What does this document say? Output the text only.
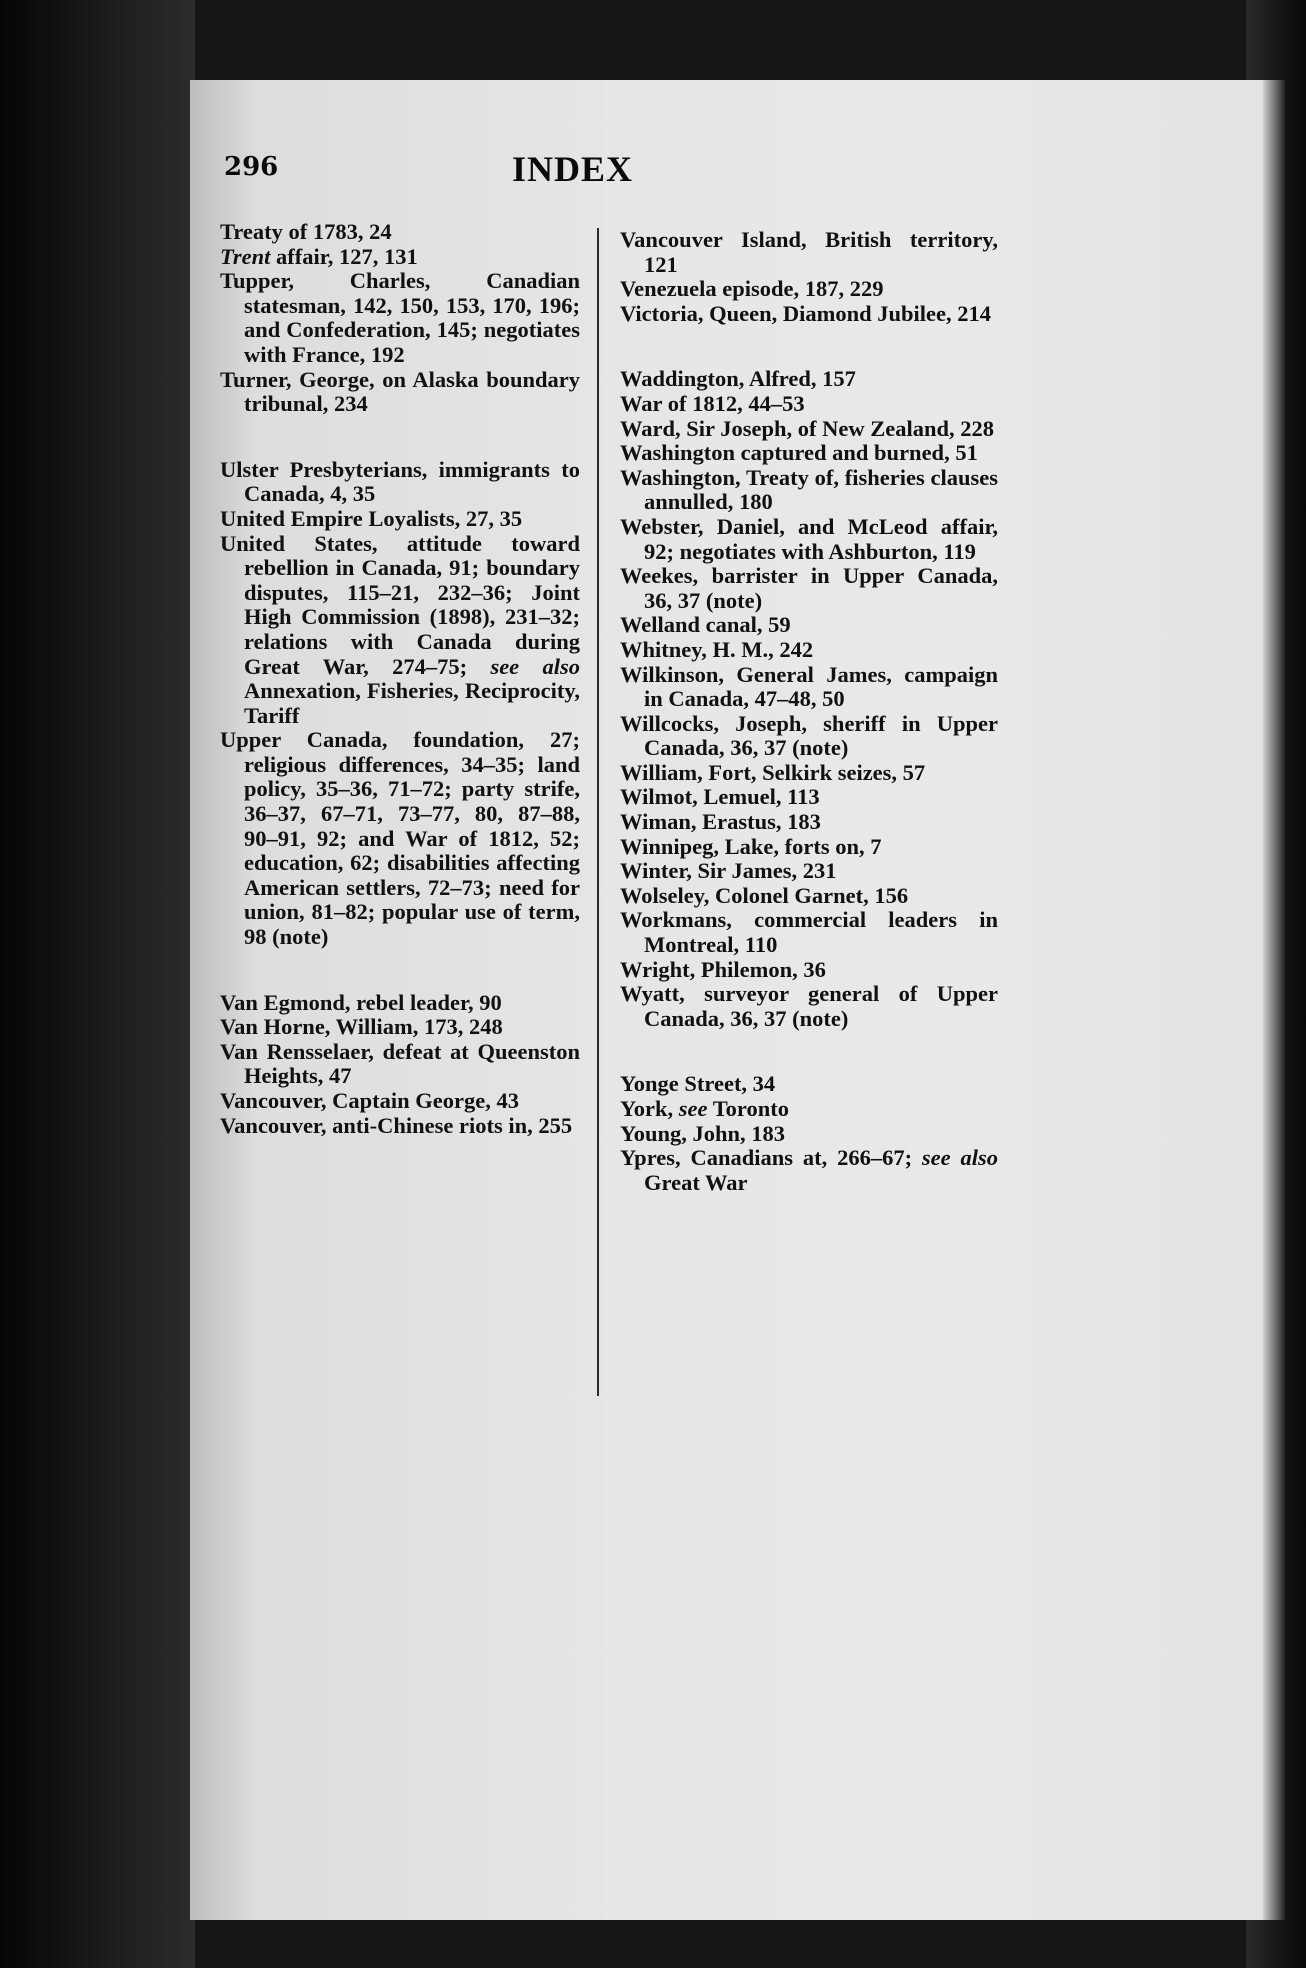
296	INDEX

Treaty of 1783, 24

Trent affair, 127, 131

Tupper, Charles, Canadian statesman, 142, 150, 153, 170, 196; and Confederation, 145; negotiates with France, 192

Turner, George, on Alaska boundary tribunal, 234

Ulster Presbyterians, immigrants to Canada, 4, 35

United Empire Loyalists, 27, 35

United States, attitude toward rebellion in Canada, 91; boundary disputes, 115–21, 232–36; Joint High Commission (1898), 231–32; relations with Canada during Great War, 274–75; see also Annexation, Fisheries, Reciprocity, Tariff

Upper Canada, foundation, 27; religious differences, 34–35; land policy, 35–36, 71–72; party strife, 36–37, 67–71, 73–77, 80, 87–88, 90–91, 92; and War of 1812, 52; education, 62; disabilities affecting American settlers, 72–73; need for union, 81–82; popular use of term, 98 (note)

Van Egmond, rebel leader, 90

Van Horne, William, 173, 248

Van Rensselaer, defeat at Queenston Heights, 47

Vancouver, Captain George, 43

Vancouver, anti-Chinese riots in, 255

Vancouver Island, British territory, 121

Venezuela episode, 187, 229

Victoria, Queen, Diamond Jubilee, 214

Waddington, Alfred, 157

War of 1812, 44–53

Ward, Sir Joseph, of New Zealand, 228

Washington captured and burned, 51

Washington, Treaty of, fisheries clauses annulled, 180

Webster, Daniel, and McLeod affair, 92; negotiates with Ashburton, 119

Weekes, barrister in Upper Canada, 36, 37 (note)

Welland canal, 59

Whitney, H. M., 242

Wilkinson, General James, campaign in Canada, 47–48, 50

Willcocks, Joseph, sheriff in Upper Canada, 36, 37 (note)

William, Fort, Selkirk seizes, 57

Wilmot, Lemuel, 113

Wiman, Erastus, 183

Winnipeg, Lake, forts on, 7

Winter, Sir James, 231

Wolseley, Colonel Garnet, 156

Workmans, commercial leaders in Montreal, 110

Wright, Philemon, 36

Wyatt, surveyor general of Upper Canada, 36, 37 (note)

Yonge Street, 34

York, see Toronto

Young, John, 183

Ypres, Canadians at, 266–67; see also Great War
